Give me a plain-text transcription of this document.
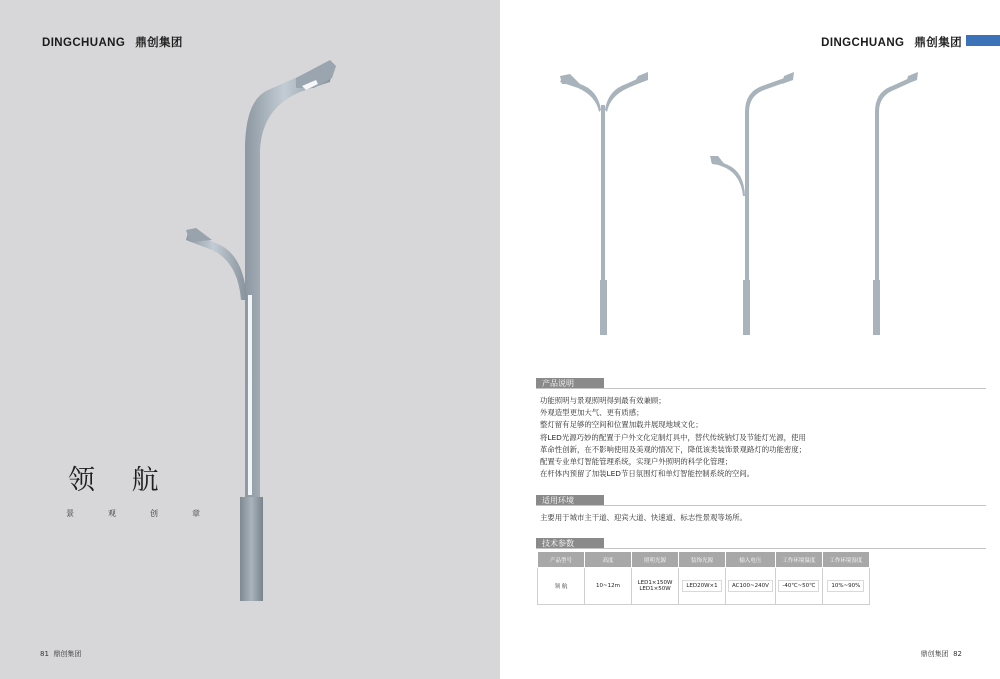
DINGCHUANG 鼎创集团
领 航
景	观	创	章
81 鼎创集团
DINGCHUANG 鼎创集团
产品说明
功能照明与景观照明得到最有效兼顾；
外观造型更加大气、更有质感；
整灯留有足够的空间和位置加载并展现地域文化；
将LED光源巧妙的配置于户外文化定制灯具中，替代传统钠灯及节能灯光源，使用
革命性创新，在不影响使用及美观的情况下，降低该类装饰景观路灯的功能密度；
配置专业单灯智能管理系统，实现户外照明的科学化管理；
在杆体内预留了加装LED节日氛围灯和单灯智能控制系统的空间。
适用环境
主要用于城市主干道、迎宾大道、快速道、标志性景观等场所。
技术参数
产品型号	高度	照明光源	装饰光源	输入电压	工作环境温度	工作环境湿度
领 航	10~12m	LED1×150W
LED1×50W	LED20W×1	AC100~240V	-40℃~50℃	10%~90%
鼎创集团 82
